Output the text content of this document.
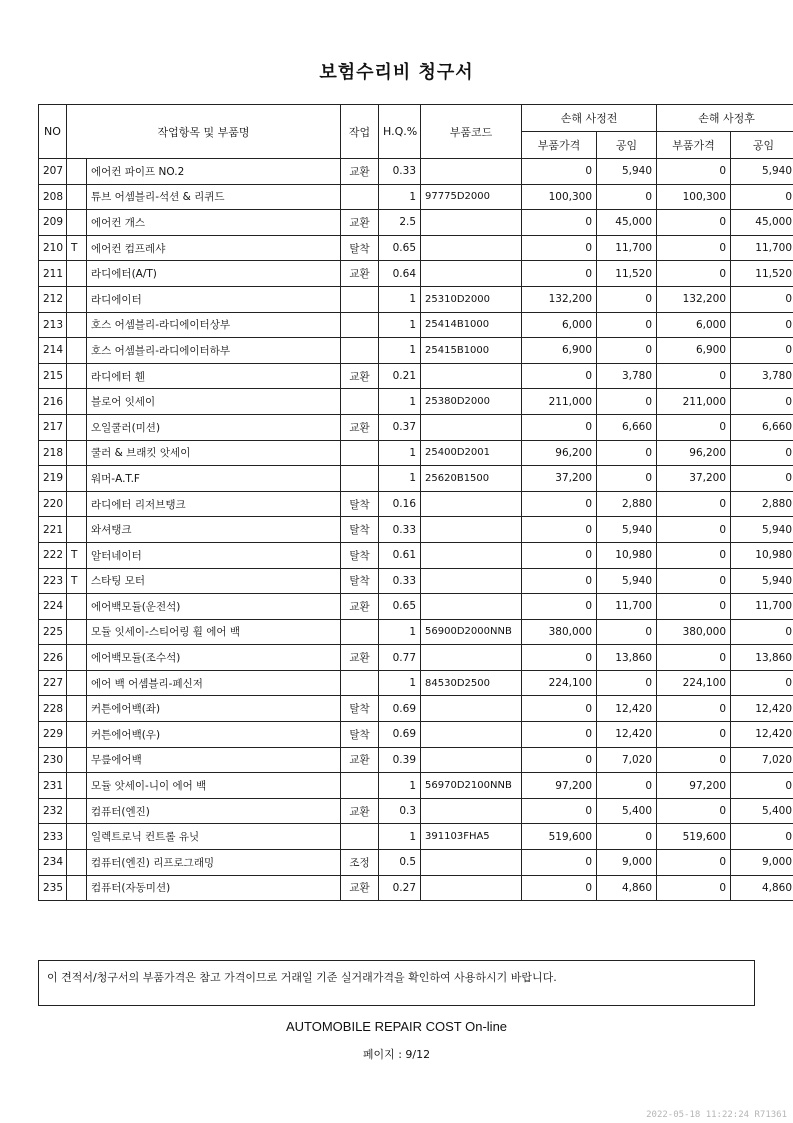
보험수리비 청구서
NO	작업항목 및 부품명		작업	H.Q.%	부품코드	손해 사정전		손해 사정후	
						부품가격	공임	부품가격	공임
207		에어컨 파이프 NO.2	교환	0.33		0	5,940	0	5,940
208		튜브 어셈블리-석션 & 리퀴드		1	97775D2000	100,300	0	100,300	0
209		에어컨 개스	교환	2.5		0	45,000	0	45,000
210	T	에어컨 컴프레샤	탈착	0.65		0	11,700	0	11,700
211		라디에터(A/T)	교환	0.64		0	11,520	0	11,520
212		라디에이터		1	25310D2000	132,200	0	132,200	0
213		호스 어셈블리-라디에이터상부		1	25414B1000	6,000	0	6,000	0
214		호스 어셈블리-라디에이터하부		1	25415B1000	6,900	0	6,900	0
215		라디에터 휀	교환	0.21		0	3,780	0	3,780
216		블로어 잇세이		1	25380D2000	211,000	0	211,000	0
217		오일쿨러(미션)	교환	0.37		0	6,660	0	6,660
218		쿨러 & 브래킷 앗세이		1	25400D2001	96,200	0	96,200	0
219		워머-A.T.F		1	25620B1500	37,200	0	37,200	0
220		라디에터 리저브탱크	탈착	0.16		0	2,880	0	2,880
221		와셔탱크	탈착	0.33		0	5,940	0	5,940
222	T	알터네이터	탈착	0.61		0	10,980	0	10,980
223	T	스타팅 모터	탈착	0.33		0	5,940	0	5,940
224		에어백모듈(운전석)	교환	0.65		0	11,700	0	11,700
225		모듈 잇세이-스티어링 휠 에어 백		1	56900D2000NNB	380,000	0	380,000	0
226		에어백모듈(조수석)	교환	0.77		0	13,860	0	13,860
227		에어 백 어셈블리-페신저		1	84530D2500	224,100	0	224,100	0
228		커튼에어백(좌)	탈착	0.69		0	12,420	0	12,420
229		커튼에어백(우)	탈착	0.69		0	12,420	0	12,420
230		무릎에어백	교환	0.39		0	7,020	0	7,020
231		모듈 앗세이-니이 에어 백		1	56970D2100NNB	97,200	0	97,200	0
232		컴퓨터(엔진)	교환	0.3		0	5,400	0	5,400
233		일렉트로닉 컨트롤 유닛		1	391103FHA5	519,600	0	519,600	0
234		컴퓨터(엔진) 리프로그래밍	조정	0.5		0	9,000	0	9,000
235		컴퓨터(자동미션)	교환	0.27		0	4,860	0	4,860
이 견적서/청구서의 부품가격은 참고 가격이므로 거래일 기준 실거래가격을 확인하여 사용하시기 바랍니다.
AUTOMOBILE REPAIR COST On-line
페이지 : 9/12
2022-05-18 11:22:24 R71361
